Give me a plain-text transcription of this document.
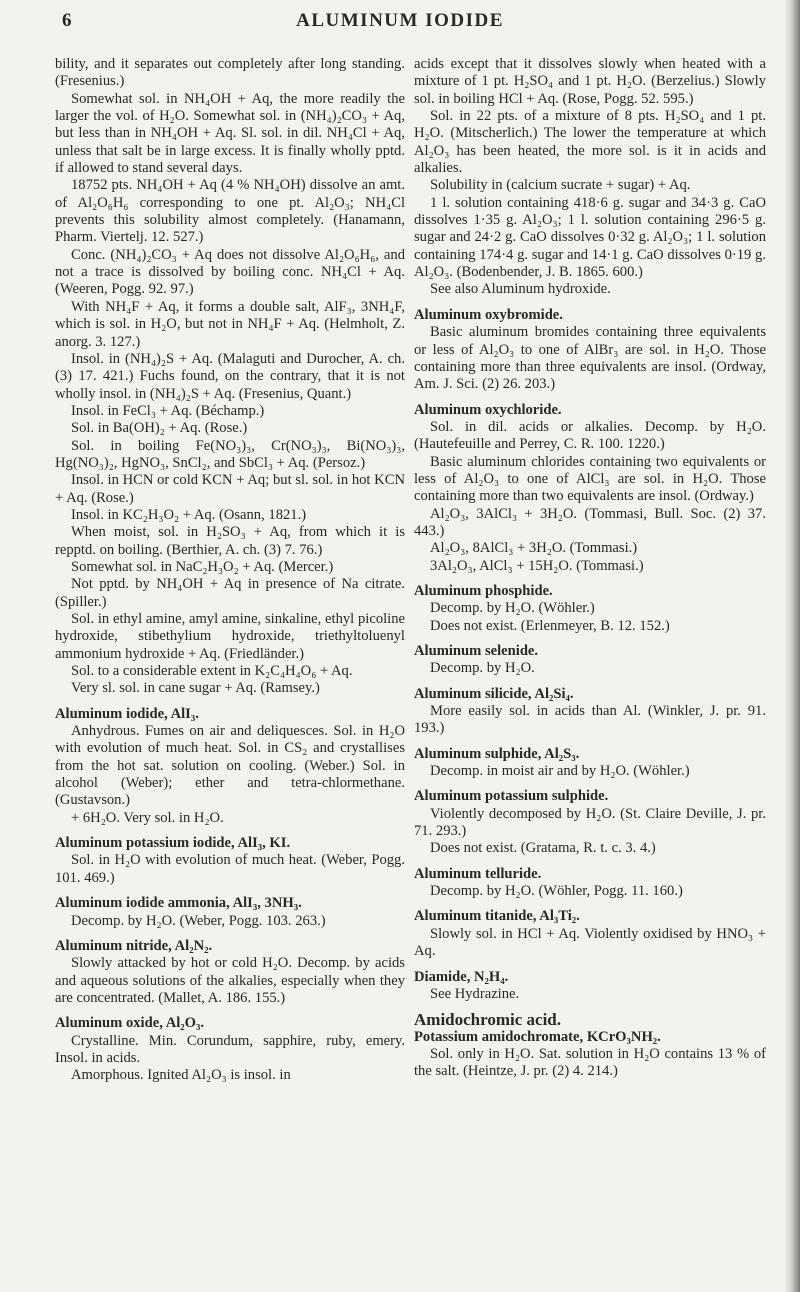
6	ALUMINUM IODIDE

bility, and it separates out completely after long standing. (Fresenius.)

Somewhat sol. in NH₄OH + Aq, the more readily the larger the vol. of H₂O. Somewhat sol. in (NH₄)₂CO₃ + Aq, but less than in NH₄OH + Aq. Sl. sol. in dil. NH₄Cl + Aq, unless that salt be in large excess. It is finally wholly pptd. if allowed to stand several days.

18752 pts. NH₄OH + Aq (4 % NH₄OH) dissolve an amt. of Al₂O₆H₆ corresponding to one pt. Al₂O₃; NH₄Cl prevents this solubility almost completely. (Hanamann, Pharm. Viertelj. 12. 527.)

Conc. (NH₄)₂CO₃ + Aq does not dissolve Al₂O₆H₆, and not a trace is dissolved by boiling conc. NH₄Cl + Aq. (Weeren, Pogg. 92. 97.)

With NH₄F + Aq, it forms a double salt, AlF₃, 3NH₄F, which is sol. in H₂O, but not in NH₄F + Aq. (Helmholt, Z. anorg. 3. 127.)

Insol. in (NH₄)₂S + Aq. (Malaguti and Durocher, A. ch. (3) 17. 421.) Fuchs found, on the contrary, that it is not wholly insol. in (NH₄)₂S + Aq. (Fresenius, Quant.)

Insol. in FeCl₃ + Aq. (Béchamp.)

Sol. in Ba(OH)₂ + Aq. (Rose.)

Sol. in boiling Fe(NO₃)₃, Cr(NO₃)₃, Bi(NO₃)₃, Hg(NO₃)₂, HgNO₃, SnCl₂, and SbCl₃ + Aq. (Persoz.)

Insol. in HCN or cold KCN + Aq; but sl. sol. in hot KCN + Aq. (Rose.)

Insol. in KC₂H₃O₂ + Aq. (Osann, 1821.)

When moist, sol. in H₂SO₃ + Aq, from which it is repptd. on boiling. (Berthier, A. ch. (3) 7. 76.)

Somewhat sol. in NaC₂H₃O₂ + Aq. (Mercer.)

Not pptd. by NH₄OH + Aq in presence of Na citrate. (Spiller.)

Sol. in ethyl amine, amyl amine, sinkaline, ethyl picoline hydroxide, stibethylium hydroxide, triethyltoluenyl ammonium hydroxide + Aq. (Friedländer.)

Sol. to a considerable extent in K₂C₄H₄O₆ + Aq.

Very sl. sol. in cane sugar + Aq. (Ramsey.)

Aluminum iodide, AlI₃.

Anhydrous. Fumes on air and deliquesces. Sol. in H₂O with evolution of much heat. Sol. in CS₂ and crystallises from the hot sat. solution on cooling. (Weber.) Sol. in alcohol (Weber); ether and tetra-chlormethane. (Gustavson.)

+ 6H₂O. Very sol. in H₂O.

Aluminum potassium iodide, AlI₃, KI.

Sol. in H₂O with evolution of much heat. (Weber, Pogg. 101. 469.)

Aluminum iodide ammonia, AlI₃, 3NH₃.

Decomp. by H₂O. (Weber, Pogg. 103. 263.)

Aluminum nitride, Al₂N₂.

Slowly attacked by hot or cold H₂O. Decomp. by acids and aqueous solutions of the alkalies, especially when they are concentrated. (Mallet, A. 186. 155.)

Aluminum oxide, Al₂O₃.

Crystalline. Min. Corundum, sapphire, ruby, emery. Insol. in acids.

Amorphous. Ignited Al₂O₃ is insol. in

acids except that it dissolves slowly when heated with a mixture of 1 pt. H₂SO₄ and 1 pt. H₂O. (Berzelius.) Slowly sol. in boiling HCl + Aq. (Rose, Pogg. 52. 595.)

Sol. in 22 pts. of a mixture of 8 pts. H₂SO₄ and 1 pt. H₂O. (Mitscherlich.) The lower the temperature at which Al₂O₃ has been heated, the more sol. is it in acids and alkalies.

Solubility in (calcium sucrate + sugar) + Aq.

1 l. solution containing 418·6 g. sugar and 34·3 g. CaO dissolves 1·35 g. Al₂O₃; 1 l. solution containing 296·5 g. sugar and 24·2 g. CaO dissolves 0·32 g. Al₂O₃; 1 l. solution containing 174·4 g. sugar and 14·1 g. CaO dissolves 0·19 g. Al₂O₃. (Bodenbender, J. B. 1865. 600.)

See also Aluminum hydroxide.

Aluminum oxybromide.

Basic aluminum bromides containing three equivalents or less of Al₂O₃ to one of AlBr₃ are sol. in H₂O. Those containing more than three equivalents are insol. (Ordway, Am. J. Sci. (2) 26. 203.)

Aluminum oxychloride.

Sol. in dil. acids or alkalies. Decomp. by H₂O. (Hautefeuille and Perrey, C. R. 100. 1220.)

Basic aluminum chlorides containing two equivalents or less of Al₂O₃ to one of AlCl₃ are sol. in H₂O. Those containing more than two equivalents are insol. (Ordway.)

Al₂O₃, 3AlCl₃ + 3H₂O. (Tommasi, Bull. Soc. (2) 37. 443.)

Al₂O₃, 8AlCl₃ + 3H₂O. (Tommasi.)

3Al₂O₃, AlCl₃ + 15H₂O. (Tommasi.)

Aluminum phosphide.

Decomp. by H₂O. (Wöhler.)

Does not exist. (Erlenmeyer, B. 12. 152.)

Aluminum selenide.

Decomp. by H₂O.

Aluminum silicide, Al₂Si₄.

More easily sol. in acids than Al. (Winkler, J. pr. 91. 193.)

Aluminum sulphide, Al₂S₃.

Decomp. in moist air and by H₂O. (Wöhler.)

Aluminum potassium sulphide.

Violently decomposed by H₂O. (St. Claire Deville, J. pr. 71. 293.)

Does not exist. (Gratama, R. t. c. 3. 4.)

Aluminum telluride.

Decomp. by H₂O. (Wöhler, Pogg. 11. 160.)

Aluminum titanide, Al₃Ti₂.

Slowly sol. in HCl + Aq. Violently oxidised by HNO₃ + Aq.

Diamide, N₂H₄.

See Hydrazine.

Amidochromic acid.

Potassium amidochromate, KCrO₃NH₂.

Sol. only in H₂O. Sat. solution in H₂O contains 13 % of the salt. (Heintze, J. pr. (2) 4. 214.)
